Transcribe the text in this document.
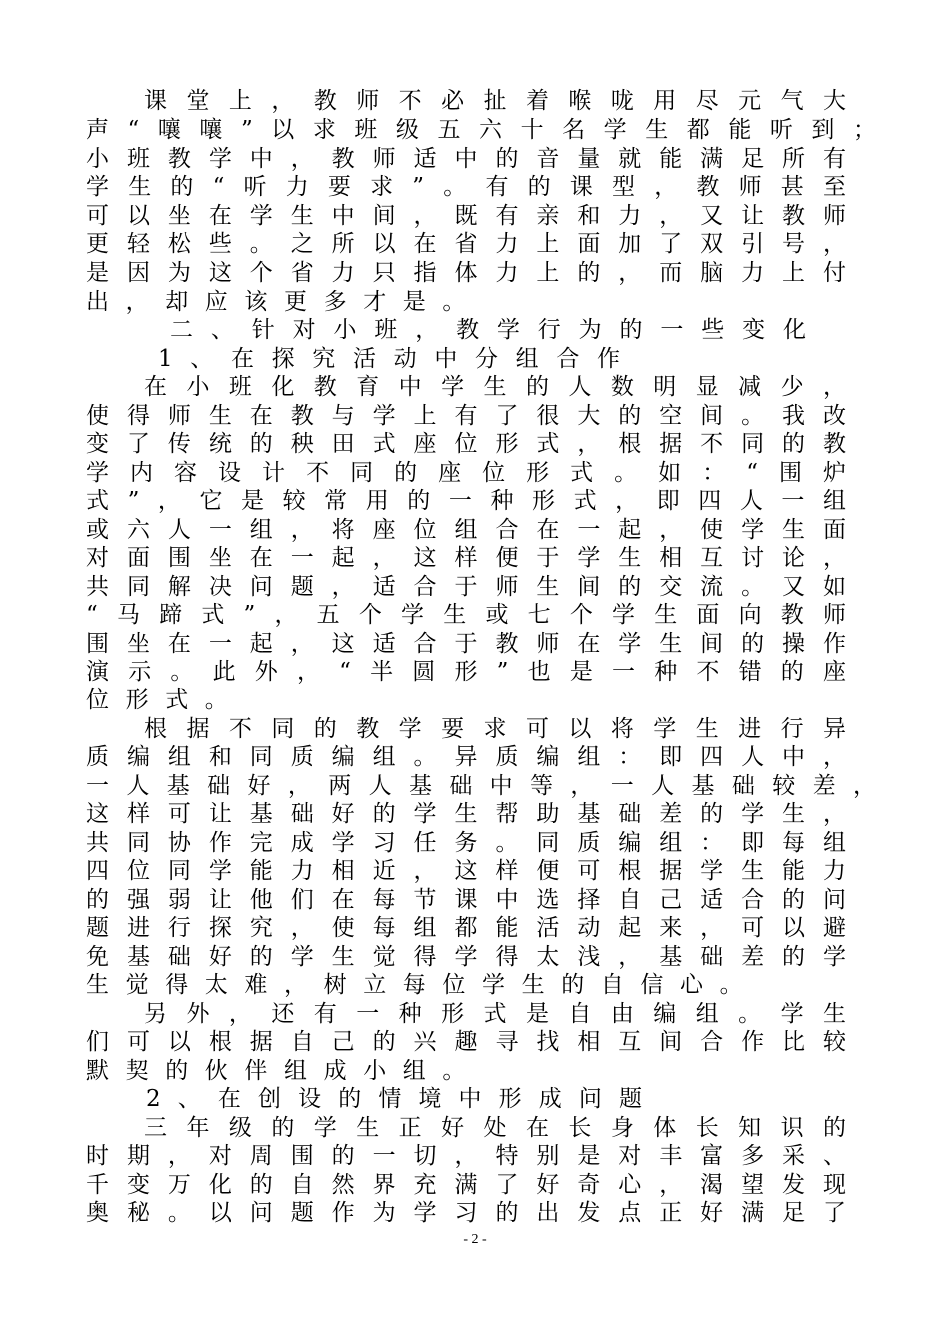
课堂上，教师不必扯着喉咙用尽元气大
声“嚷嚷”以求班级五六十名学生都能听到；
小班教学中，教师适中的音量就能满足所有
学生的“听力要求”。有的课型，教师甚至
可以坐在学生中间，既有亲和力，又让教师
更轻松些。之所以在省力上面加了双引号，
是因为这个省力只指体力上的，而脑力上付
出，却应该更多才是。
二、针对小班，教学行为的一些变化
1、在探究活动中分组合作
在小班化教育中学生的人数明显减少，
使得师生在教与学上有了很大的空间。我改
变了传统的秧田式座位形式，根据不同的教
学内容设计不同的座位形式。如：“围炉
式”，它是较常用的一种形式，即四人一组
或六人一组，将座位组合在一起，使学生面
对面围坐在一起，这样便于学生相互讨论，
共同解决问题，适合于师生间的交流。又如
“马蹄式”，五个学生或七个学生面向教师
围坐在一起，这适合于教师在学生间的操作
演示。此外，“半圆形”也是一种不错的座
位形式。
根据不同的教学要求可以将学生进行异
质编组和同质编组。异质编组：即四人中，
一人基础好，两人基础中等，一人基础较差，
这样可让基础好的学生帮助基础差的学生，
共同协作完成学习任务。同质编组：即每组
四位同学能力相近，这样便可根据学生能力
的强弱让他们在每节课中选择自己适合的问
题进行探究，使每组都能活动起来，可以避
免基础好的学生觉得学得太浅，基础差的学
生觉得太难，树立每位学生的自信心。
另外，还有一种形式是自由编组。学生
们可以根据自己的兴趣寻找相互间合作比较
默契的伙伴组成小组。
2、在创设的情境中形成问题
三年级的学生正好处在长身体长知识的
时期，对周围的一切，特别是对丰富多采、
千变万化的自然界充满了好奇心，渴望发现
奥秘。以问题作为学习的出发点正好满足了
- 2 -
